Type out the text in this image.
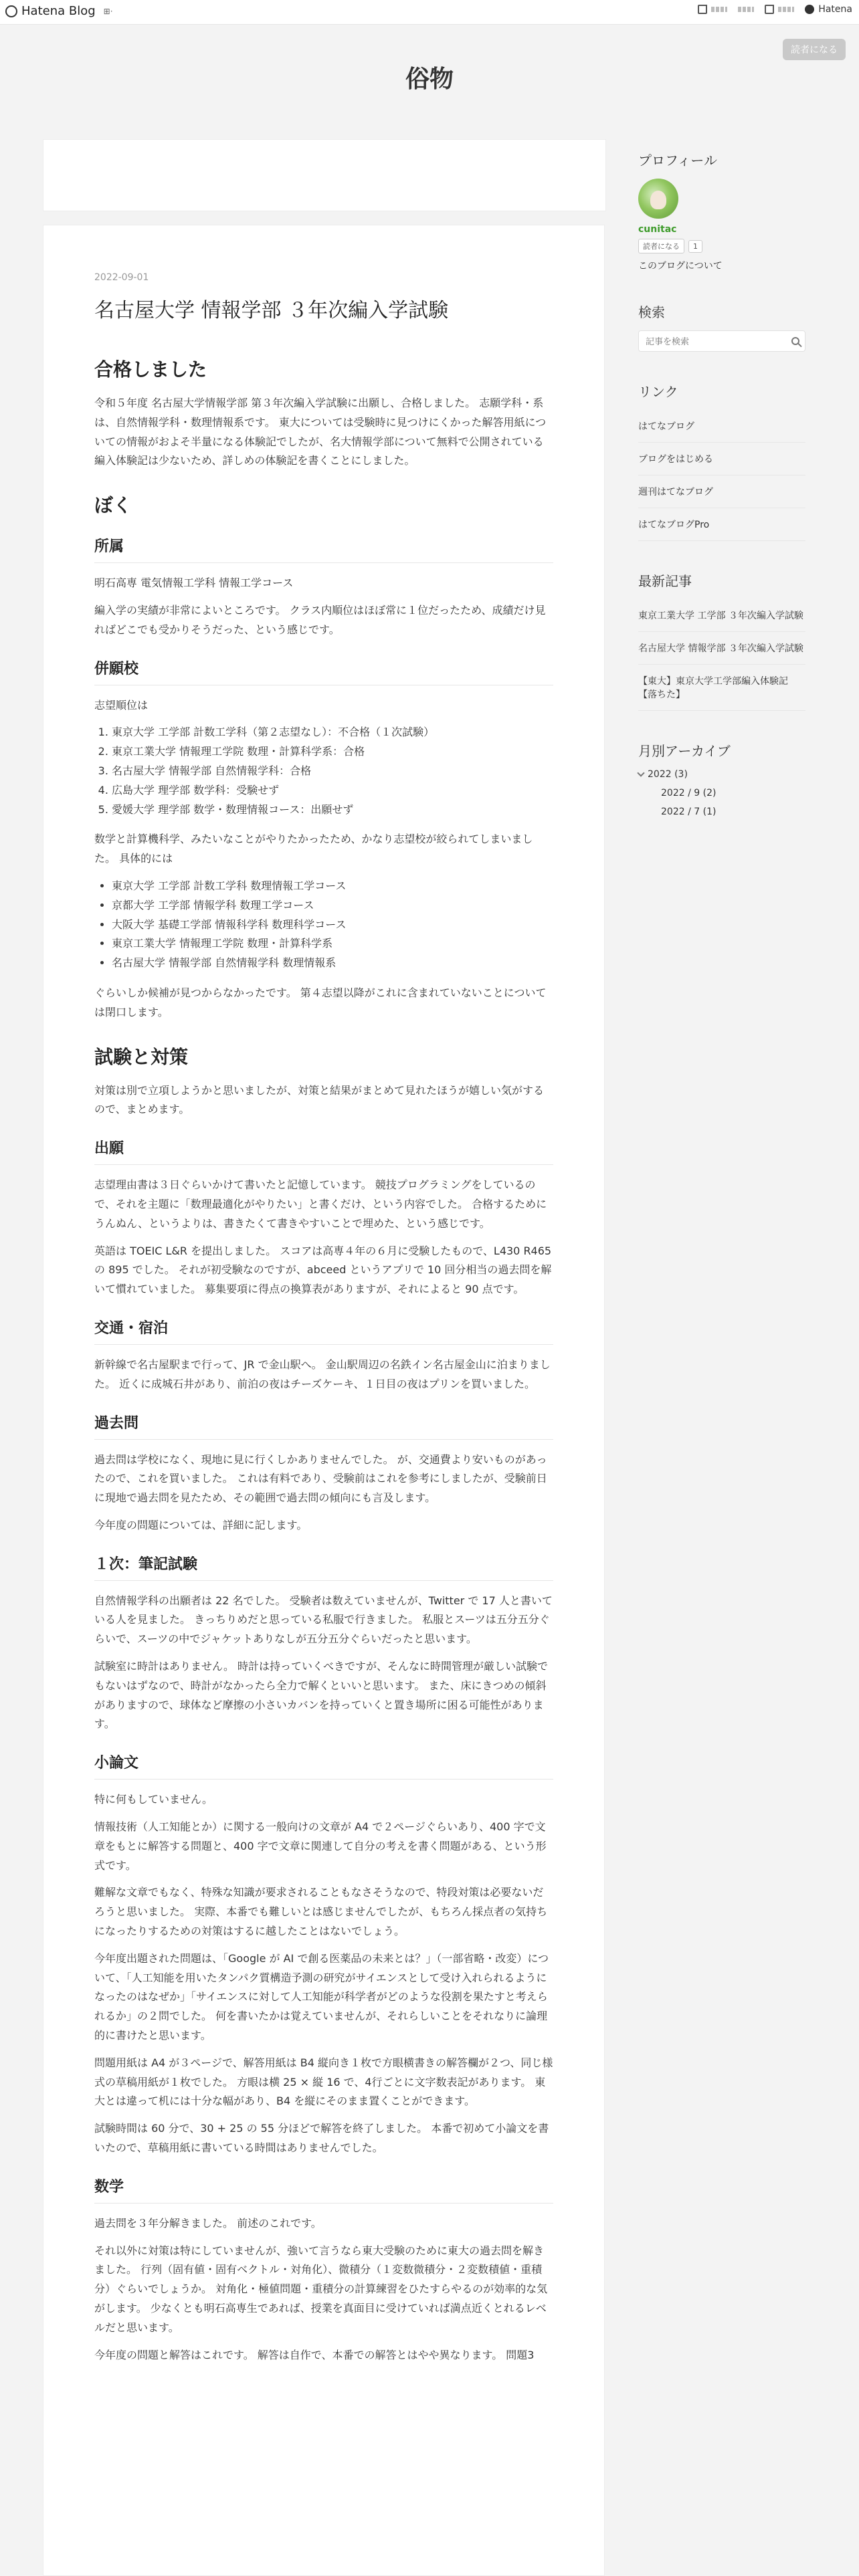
Hatena Blog ⊞·	Hatena
読者になる
俗物
2022-09-01
名古屋大学 情報学部 ３年次編入学試験
合格しました

令和５年度 名古屋大学情報学部 第３年次編入学試験に出願し、合格しました。 志願学科・系は、自然情報学科・数理情報系です。 東大については受験時に見つけにくかった解答用紙についての情報がおよそ半量になる体験記でしたが、名大情報学部について無料で公開されている編入体験記は少ないため、詳しめの体験記を書くことにしました。

ぼく
所属

明石高専 電気情報工学科 情報工学コース

編入学の実績が非常によいところです。 クラス内順位はほぼ常に１位だったため、成績だけ見ればどこでも受かりそうだった、という感じです。

併願校

志望順位は

1. 東京大学 工学部 計数工学科（第２志望なし）：不合格（１次試験）
2. 東京工業大学 情報理工学院 数理・計算科学系：合格
3. 名古屋大学 情報学部 自然情報学科：合格
4. 広島大学 理学部 数学科：受験せず
5. 愛媛大学 理学部 数学・数理情報コース：出願せず

数学と計算機科学、みたいなことがやりたかったため、かなり志望校が絞られてしまいました。 具体的には

• 東京大学 工学部 計数工学科 数理情報工学コース
• 京都大学 工学部 情報学科 数理工学コース
• 大阪大学 基礎工学部 情報科学科 数理科学コース
• 東京工業大学 情報理工学院 数理・計算科学系
• 名古屋大学 情報学部 自然情報学科 数理情報系

ぐらいしか候補が見つからなかったです。 第４志望以降がこれに含まれていないことについては閉口します。

試験と対策

対策は別で立項しようかと思いましたが、対策と結果がまとめて見れたほうが嬉しい気がするので、まとめます。

出願

志望理由書は３日ぐらいかけて書いたと記憶しています。 競技プログラミングをしているので、それを主題に「数理最適化がやりたい」と書くだけ、という内容でした。 合格するためにうんぬん、というよりは、書きたくて書きやすいことで埋めた、という感じです。

英語は TOEIC L&R を提出しました。 スコアは高専４年の６月に受験したもので、L430 R465 の 895 でした。 それが初受験なのですが、abceed というアプリで 10 回分相当の過去問を解いて慣れていました。 募集要項に得点の換算表がありますが、それによると 90 点です。

交通・宿泊

新幹線で名古屋駅まで行って、JR で金山駅へ。 金山駅周辺の名鉄イン名古屋金山に泊まりました。 近くに成城石井があり、前泊の夜はチーズケーキ、１日目の夜はプリンを買いました。

過去問

過去問は学校になく、現地に見に行くしかありませんでした。 が、交通費より安いものがあったので、これを買いました。 これは有料であり、受験前はこれを参考にしましたが、受験前日に現地で過去問を見たため、その範囲で過去問の傾向にも言及します。

今年度の問題については、詳細に記します。

１次：筆記試験

自然情報学科の出願者は 22 名でした。 受験者は数えていませんが、Twitter で 17 人と書いている人を見ました。 きっちりめだと思っている私服で行きました。 私服とスーツは五分五分ぐらいで、スーツの中でジャケットありなしが五分五分ぐらいだったと思います。

試験室に時計はありません。 時計は持っていくべきですが、そんなに時間管理が厳しい試験でもないはずなので、時計がなかったら全力で解くといいと思います。 また、床にきつめの傾斜がありますので、球体など摩擦の小さいカバンを持っていくと置き場所に困る可能性があります。

小論文

特に何もしていません。

情報技術（人工知能とか）に関する一般向けの文章が A4 で２ページぐらいあり、400 字で文章をもとに解答する問題と、400 字で文章に関連して自分の考えを書く問題がある、という形式です。

難解な文章でもなく、特殊な知識が要求されることもなさそうなので、特段対策は必要ないだろうと思いました。 実際、本番でも難しいとは感じませんでしたが、もちろん採点者の気持ちになったりするための対策はするに越したことはないでしょう。

今年度出題された問題は、「Google が AI で創る医薬品の未来とは？」（一部省略・改変）について、「人工知能を用いたタンパク質構造予測の研究がサイエンスとして受け入れられるようになったのはなぜか」「サイエンスに対して人工知能が科学者がどのような役割を果たすと考えられるか」の２問でした。 何を書いたかは覚えていませんが、それらしいことをそれなりに論理的に書けたと思います。

問題用紙は A4 が３ページで、解答用紙は B4 縦向き１枚で方眼横書きの解答欄が２つ、同じ様式の草稿用紙が１枚でした。 方眼は横 25 × 縦 16 で、4行ごとに文字数表記があります。 東大とは違って机には十分な幅があり、B4 を縦にそのまま置くことができます。

試験時間は 60 分で、30 + 25 の 55 分ほどで解答を終了しました。 本番で初めて小論文を書いたので、草稿用紙に書いている時間はありませんでした。

数学

過去問を３年分解きました。 前述のこれです。

それ以外に対策は特にしていませんが、強いて言うなら東大受験のために東大の過去問を解きました。 行列（固有値・固有ベクトル・対角化）、微積分（１変数微積分・２変数積値・重積分）ぐらいでしょうか。 対角化・極値問題・重積分の計算練習をひたすらやるのが効率的な気がします。 少なくとも明石高専生であれば、授業を真面目に受けていれば満点近くとれるレベルだと思います。

今年度の問題と解答はこれです。 解答は自作で、本番での解答とはやや異なります。 問題3

プロフィール
cunitac
読者になる	1
このブログについて
検索
記事を検索
リンク
はてなブログ
ブログをはじめる
週刊はてなブログ
はてなブログPro
最新記事
東京工業大学 工学部 ３年次編入学試験
名古屋大学 情報学部 ３年次編入学試験
【東大】東京大学工学部編入体験記【落ちた】
月別アーカイブ
2022 (3)
2022 / 9 (2)
2022 / 7 (1)
